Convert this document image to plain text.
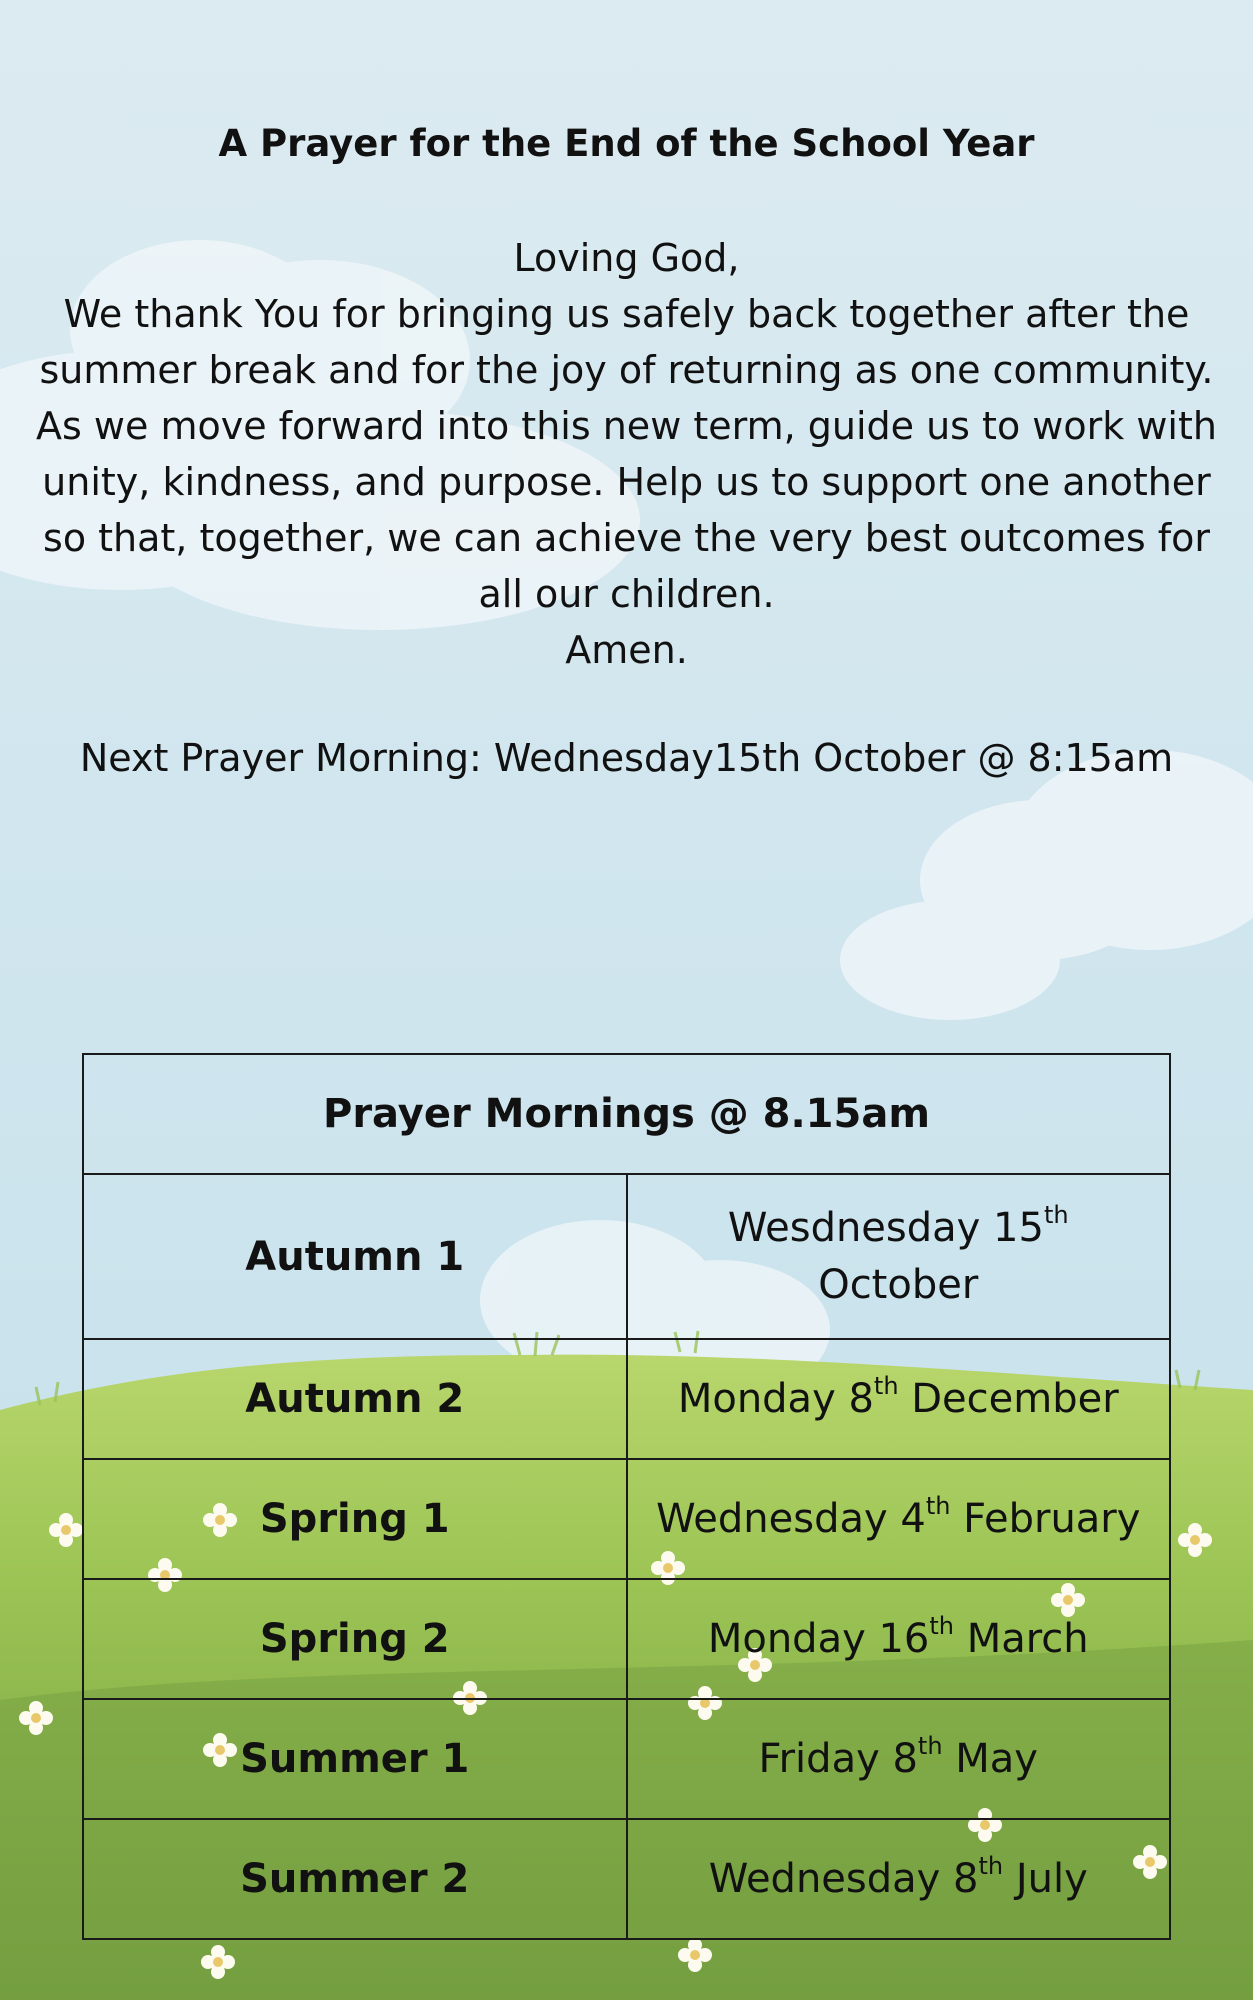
A Prayer for the End of the School Year
Loving God,
We thank You for bringing us safely back together after the
summer break and for the joy of returning as one community.
As we move forward into this new term, guide us to work with
unity, kindness, and purpose. Help us to support one another
so that, together, we can achieve the very best outcomes for
all our children.
Amen.
Next Prayer Morning: Wednesday15th October @ 8:15am
Prayer Mornings @ 8.15am	
Autumn 1	Wesdnesday 15th
October
Autumn 2	Monday 8th December
Spring 1	Wednesday 4th February
Spring 2	Monday 16th March
Summer 1	Friday 8th May
Summer 2	Wednesday 8th July
